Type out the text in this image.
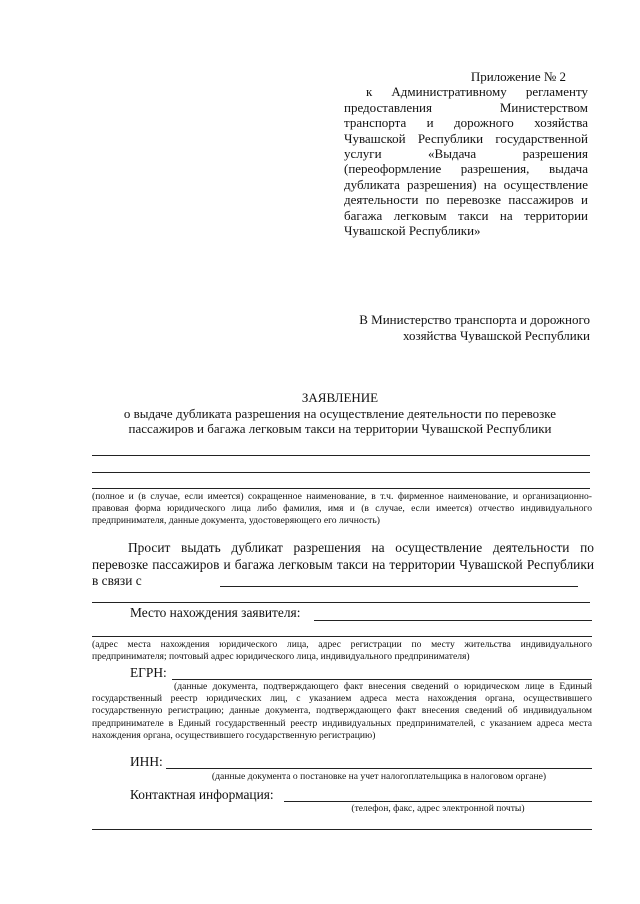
Приложение № 2
к Административному регламенту предоставления Министерством транспорта и дорожного хозяйства Чувашской Республики государственной услуги «Выдача разрешения (переоформление разрешения, выдача дубликата разрешения) на осуществление деятельности по перевозке пассажиров и багажа легковым такси на территории Чувашской Республики»
В Министерство транспорта и дорожного
хозяйства Чувашской Республики
ЗАЯВЛЕНИЕ
о выдаче дубликата разрешения на осуществление деятельности по перевозке пассажиров и багажа легковым такси на территории Чувашской Республики
(полное и (в случае, если имеется) сокращенное наименование, в т.ч. фирменное наименование, и организационно-правовая форма юридического лица либо фамилия, имя и (в случае, если имеется) отчество индивидуального предпринимателя, данные документа, удостоверяющего его личность)
Просит выдать дубликат разрешения на осуществление деятельности по перевозке пассажиров и багажа легковым такси на территории Чувашской Республики в связи с
Место нахождения заявителя:
(адрес места нахождения юридического лица, адрес регистрации по месту жительства индивидуального предпринимателя; почтовый адрес юридического лица, индивидуального предпринимателя)
ЕГРН:
(данные документа, подтверждающего факт внесения сведений о юридическом лице в Единый государственный реестр юридических лиц, с указанием адреса места нахождения органа, осуществившего государственную регистрацию; данные документа, подтверждающего факт внесения сведений об индивидуальном предпринимателе в Единый государственный реестр индивидуальных предпринимателей, с указанием адреса места нахождения органа, осуществившего государственную регистрацию)
ИНН:
(данные документа о постановке на учет налогоплательщика в налоговом органе)
Контактная информация:
(телефон, факс, адрес электронной почты)
